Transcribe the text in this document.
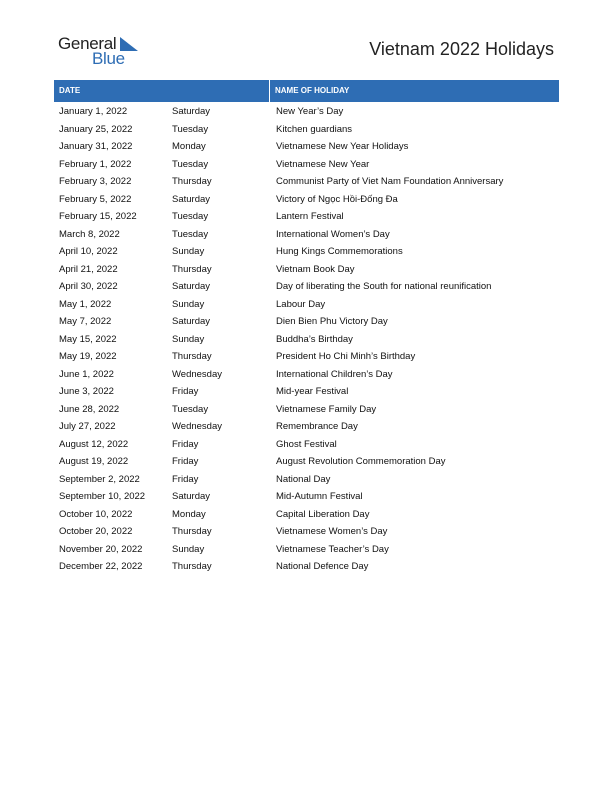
General
Blue	Vietnam 2022 Holidays
DATE	NAME OF HOLIDAY
January 1, 2022	Saturday	New Year’s Day
January 25, 2022	Tuesday	Kitchen guardians
January 31, 2022	Monday	Vietnamese New Year Holidays
February 1, 2022	Tuesday	Vietnamese New Year
February 3, 2022	Thursday	Communist Party of Viet Nam Foundation Anniversary
February 5, 2022	Saturday	Victory of Ngọc Hồi-Đống Đa
February 15, 2022	Tuesday	Lantern Festival
March 8, 2022	Tuesday	International Women’s Day
April 10, 2022	Sunday	Hung Kings Commemorations
April 21, 2022	Thursday	Vietnam Book Day
April 30, 2022	Saturday	Day of liberating the South for national reunification
May 1, 2022	Sunday	Labour Day
May 7, 2022	Saturday	Dien Bien Phu Victory Day
May 15, 2022	Sunday	Buddha’s Birthday
May 19, 2022	Thursday	President Ho Chi Minh’s Birthday
June 1, 2022	Wednesday	International Children’s Day
June 3, 2022	Friday	Mid-year Festival
June 28, 2022	Tuesday	Vietnamese Family Day
July 27, 2022	Wednesday	Remembrance Day
August 12, 2022	Friday	Ghost Festival
August 19, 2022	Friday	August Revolution Commemoration Day
September 2, 2022	Friday	National Day
September 10, 2022	Saturday	Mid-Autumn Festival
October 10, 2022	Monday	Capital Liberation Day
October 20, 2022	Thursday	Vietnamese Women’s Day
November 20, 2022	Sunday	Vietnamese Teacher’s Day
December 22, 2022	Thursday	National Defence Day
